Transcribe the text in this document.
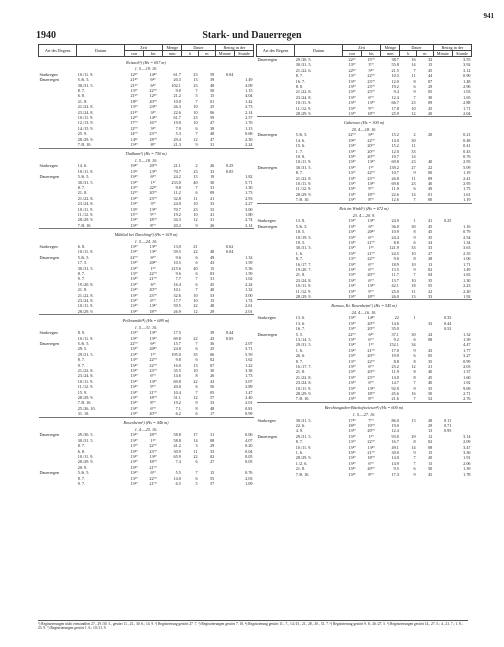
941
1940	Stark- und Dauerregen
Art des Regens	Datum	Zeit		Menge	Dauer		Betrag in der	
		von	bis	mm	h	m	Minute	Stunde

Reisach¹) (Hs = 657 m)								
1. 5.—19. 10.								
Starkregen	10./11. 9.	12³⁰	14⁴⁰	61.7	23	59	0.04	
Dauerregen	5./6. 5.	21⁴⁰	6⁴⁰	20.3	13	39		1.49
	30./31. 5.	21³⁰	6⁴⁰	102.1	23	48		4.09
	8. 7.	13¹⁰	22⁰⁰	9.0	7	50		1.15
	6. 8.	21³⁰	12³⁰	21.2	5	15		4.04
	21. 8.	18³⁰	20⁰⁰	10.0	7	01		1.42
	21./22. 8.	13¹⁰	23⁴⁰	26.3	10	25		2.73
	23./24. 8.	21⁴⁰	3⁴⁰	22.6	10	06		2.14
	10./11. 9.	12³⁰	14⁴⁰	61.7	23	59		2.57
	12./13. 9.	17⁰⁰	16⁰⁰	19.0	10	47		1.76
	14./15. 9.	12⁰⁰	3⁴⁰	7.9	6	39		1.13
	25. 9.	14⁰⁰	23⁰⁰	5.3	7	48		0.68
	28./29. 9.	14¹²	18⁰⁰	29.4	12	47		2.30
	7./8. 10.	13⁴⁰	8³⁰	21.3	9	31		2.24

Thalham²) (Hs = 750 m)								
1. 5.—18. 10.								
Starkregen	14. 6.	19⁴⁰	20⁰⁵	21.1	2	26	0.25	
	10./11. 9.	13¹²	13⁴⁰	70.7	23	33	0.05	
Dauerregen	5./6. 5.	13⁴⁰	6⁵⁰	24.2	13	19		1.82
	30./31. 5.	13⁴⁰	1³⁷	233.0	40	30		5.71
	8. 7.	13¹⁰	22²⁰	9.8	7	31		1.30
	21. 8.	12⁵⁰	20⁰⁰	11.2	6	09		1.73
	21./22. 8.	13⁴⁰	23⁰⁰	32.8	11	21		2.93
	23./24. 8.	13⁴⁰	3⁵⁰	24.0	10	33		2.27
	10./11. 9.	13¹²	13⁴⁰	70.7	23	33		3.00
	11./12. 9.	13⁰⁰	9⁰⁰	19.2	10	41		1.80
	28./29. 9.	13⁴⁰	18⁰⁰	34.3	12	31		2.74
	7./8. 10.	13⁴⁰	8⁰⁰	20.2	9	26		2.14

Mühltal bei Darching³) (Hs = 619 m)								
1. 5.—24. 10.								
Starkregen	6. 8.	13⁴⁰	13⁴⁰	13.0	21		0.62	
	10./11. 9.	13⁴⁰	13⁴⁷	59.5	22	48	0.04	
Dauerregen	5./6. 5.	22⁰⁰	6⁵⁰	9.6	6	49		1.32
	17. 5.	13⁴⁰	20⁴⁰	10.5	6	43		1.59
	30./31. 5.	13⁴⁰	1³⁰	215.6	40	15		5.36
	8. 7.	13¹⁰	22⁰⁰	9.6	6	03		1.59
	9. 7.	13⁴⁰	21⁰⁰	7.7	7	31		1.02
	19./20. 8.	13⁴⁰	6¹⁰	16.4	6	45		2.24
	21. 8.	13⁴⁰	20⁰⁰	10.1	7	40		1.32
	21./22. 8.	13⁴⁰	23⁰⁰	32.6	10	53		3.00
	23./24. 8.	13⁴⁰	6⁰⁰	17.7	10	15		1.74
	10./11. 9.	13⁴⁰	13⁴⁷	59.5	22	48		2.61
	28./29. 9.	13⁴⁰	18⁰⁰	26.9	12	29		2.01

Pelletsmühl⁴) (Hs = 689 m)								
1. 5.—31. 10.								
Starkregen	8. 9.	13⁴⁰	13⁴⁰	17.5		39	0.44	
	10./11. 9.	13⁴⁰	13⁴⁰	69.8	22	43	0.05	
Dauerregen	5./6. 5.	22⁰⁰	6⁴⁰	15.7	7	36		2.07
	29. 5.	13⁴⁰	20⁴⁰	24.8	6	25		3.71
	29./31. 5.	13⁴⁰	1³⁰	195.0	35	06		5.59
	8. 7.	13¹⁰	22⁰⁰	9.8	6	02		1.62
	9. 7.	13⁴⁰	22⁰⁰	16.0	13	07		1.22
	21./22. 8.	13⁴⁰	23⁰⁰	35.5	10	30		3.38
	23./24. 8.	13⁴⁰	6⁰⁰	14.6	8	26		1.73
	10./11. 9.	13⁴⁰	13⁴⁰	69.8	22	43		3.07
	11./12. 9.	13⁴⁰	9⁰⁰	20.0	6	56		2.89
	15. 9.	13⁴⁰	21⁰⁰	10.4	7	05		1.47
	28./29. 9.	13⁴⁰	18⁰⁰	31.1	12	57		2.40
	7./8. 10.	13⁴⁰	8⁰⁰	19.2	9	33		2.01
	25./26. 10.	13⁴⁰	6⁰⁰	7.1	8	48		0.81
	31. 10.	13⁴⁰	20⁰⁰	6.2	6	17		0.99

Rosenheim⁵) (Hs = 446 m)								
1. 4.—25. 10.								
Dauerregen	29./30. 5.	13⁴⁰	18⁰⁰	58.8	17	31		0.06
	30./31. 5.	13⁴⁰	1³⁰	58.8	14	08		4.07
	8. 7.	13¹⁰	22⁰⁰	41.2	3	29		0.20
	6. 8.	13⁴⁰	23⁰⁰	30.9	11	33		0.04
	10./11. 9.	13⁴⁰	13⁴⁰	65.9	22	02		0.05
	28./29. 9.	13⁴⁰	18⁰⁰	7.4	6	27		0.05
	20. 9.	13⁴⁰	21⁰⁰					
Dauerregen	5./6. 5.	13⁴⁰	6⁵⁰	5.5	7	15		0.76
	8. 7.	13¹⁰	22⁰⁰	14.0	6	55		2.03
	9. 7.	13⁴⁰	21⁰⁰	6.5	5	57		1.09
Art des Regens	Datum	Zeit		Menge	Dauer		Betrag in der	
		von	bis	mm	h	m	Minute	Stunde
Dauerregen	29./30. 5.	22¹⁰	15⁰⁰	38.7	16	32		3.55
	30./31. 5.	13³⁰	3⁰⁰	55.8	14	15		3.92
	21./22. 6.	22³⁰	5⁴⁰	21.5	7	45		3.12
	8. 7.	13¹⁰	22⁰⁰	10.5	11	44		0.90
	16. 7.	13⁴⁰	23⁰⁰	12.0	8	07		1.48
	8. 8.	13⁴⁰	23⁰⁰	19.2	6	29		2.96
	21./22. 8.	13⁴⁰	23⁰⁰	9.4	9	05		1.03
	23./24. 8.	13⁴⁰	6⁰⁰	12.4	7	30		1.65
	10./11. 9.	13⁴⁰	13⁴⁰	66.7	23	09		2.88
	11./12. 9.	13⁴⁰	9⁰⁰	17.8	10	25		1.71
	28./29. 9.	13⁴⁰	18⁰⁰	25.9	12	20		2.04

Gaberaee (Hs = 300 m)								
20. 4.—18. 10.								
Dauerregen	5./6. 5.	22⁰⁰	6⁴⁰	15.2	2	20		0.21
	14. 6.	19⁴⁰	22⁰⁰	14.0	30			0.48
	15. 6.	13⁴⁰	20⁰⁰	15.2	11			0.41
	1. 7.	13⁴⁰	20⁰⁰	12.0	33			0.43
	10. 8.	13⁴⁰	20⁰⁰	10.7	14			0.76
	10./11. 9.	13⁴⁰	13⁴⁰	69.8	23	40		2.95
Dauerregen	30./31. 5.	13⁴⁰	1³⁰	139.2	27	22		5.09
	8. 7.	13¹⁰	22⁰⁰	10.7	9	00		1.19
	21./22. 8.	13⁴⁰	23⁰⁰	26.8	11	09		2.41
	10./11. 9.	13⁴⁰	13⁴⁰	69.8	23	40		2.95
	11./12. 9.	13⁴⁰	9⁰⁰	11.9	6	49		1.75
	28./29. 9.	13⁴⁰	18⁰⁰	22.6	14	01		1.61
	7./8. 10.	13⁴⁰	8⁰⁰	12.6	7	00		1.19

Reit im Winkl⁶) (Hs = 672 m)								
23. 4.—20. 9.								
Starkregen	13. 8.	13⁴⁰	13⁴⁰	24.9	1	41	0.25	
Dauerregen	5./6. 5.	13⁴⁰	6⁵⁰	36.0	30	45		1.16
	18. 5.	13⁴⁰	20⁴⁰	10.9	8	45		0.79
	18./19. 5.	13⁴⁰	6⁰⁰	24.4	9	35		2.54
	19. 5.	13⁴⁰	21⁰⁰	8.8	6	34		1.34
	30./31. 5.	13⁴⁰	1³⁰	121.9	33	33		3.63
	1. 6.	13⁴⁰	21⁰⁰	24.5	10	27		2.35
	8. 7.	13¹⁰	22⁰⁰	9.0	8	28		1.06
	16./17. 7.	13⁴⁰	6⁰⁰	18.9	10	13		1.71
	19./20. 7.	13⁴⁰	6⁰⁰	13.5	9	02		1.49
	21. 8.	13⁴⁰	20⁰⁰	11.7	7	04		1.65
	23./24. 8.	13⁴⁰	6⁰⁰	13.7	10	35		1.30
	10./11. 9.	13⁴⁰	13⁴⁰	42.1	18	55		2.23
	11./12. 9.	13⁴⁰	9⁰⁰	25.0	11	22		2.20
	28./29. 9.	13⁴⁰	18⁰⁰	26.0	13	33		1.92

Bernau, Kr. Rosenheim⁷) (Hs = 545 m)								
24. 4.—16. 10.								
Starkregen	13. 6.	13⁴⁰	14⁴⁰	22	1		0.35	
	13. 6.	13⁴⁰	20⁰⁰	14.6		33	0.44	
	16. 7.	13⁴⁰	20⁰⁰	35.0			0.52	
Dauerregen	5. 5.	22⁰⁰	6⁴⁰	37.1	30	24		1.32
	13./14. 5.	13⁴⁰	6⁰⁰	9.2	6	08		1.39
	29./31. 5.	13⁴⁰	1³⁰	152.1	34			4.47
	1. 6.	13⁴⁰	21⁰⁰	17.0	9	43		1.77
	26. 6.	13⁴⁰	20⁰⁰	19.9	6	05		3.27
	8. 7.	13¹⁰	22⁰⁰	8.8	8	35		0.99
	16./17. 7.	13⁴⁰	6⁰⁰	25.2	12	21		2.03
	21. 8.	13⁴⁰	20⁰⁰	11.9	8	40		1.37
	21./22. 8.	13⁴⁰	23⁰⁰	14.0	8	45		1.60
	23./24. 8.	13⁴⁰	6⁰⁰	14.7	7	40		1.92
	10./11. 9.	13⁴⁰	13⁴⁰	92.9	9	35		9.69
	28./29. 9.	13⁴⁰	18⁰⁰	45.6	16	50		2.71
	7./8. 10.	13⁴⁰	8⁰⁰	21.6	7	52		2.76

Berchtesgaden-Bischofswiesen⁸) (Hs = 600 m)								
1. 5.—27. 10.								
Starkregen	30./31. 5.	17⁴⁰	7⁰⁰	86.0	13	28	0.11	
	22. 6.	18⁴⁰	19⁰⁰	19.0		29	0.71	
	4. 9.	13⁴⁰	20⁰⁰	12.4		13	0.95	
Dauerregen	29./31. 5.	13⁴⁰	1³⁰	93.0	29	12		3.14
	8. 7.	13¹⁰	22⁰⁰	16.7	8	02		2.09
	10./11. 9.	13⁴⁰	13⁴⁰	49.1	14	08		3.47
	1. 6.	13⁴⁰	21⁰⁰	30.0	9	15		3.36
	28./29. 9.	13⁴⁰	18⁰⁰	14.0	7	20		1.91
	1./2. 6.	13⁴⁰	6⁰⁰	14.9	7	13		2.06
	21. 8.	13⁴⁰	20⁰⁰	9.5	6	50		1.39
	7./8. 10.	13⁴⁰	8⁰⁰	17.3	9	45		1.78
¹) Registrierungen nicht einwandfrei 27., 29./30. 5., gestört 11., 25., 30. 6.; 14. 9. ²) Registrierung gestört 27. 7. ³) Registrierungen gestört 7. 10. ⁴) Registrierung gestört 11., 7., 14./15., 21., 28., 30., 31. 7. ⁵) Registrierung gestört 9. 8.; 26./27. 5. ⁶) Registrierungen gestört 14., 27. 5.; 4., 21. 7.; 1. 8.; 23. 9. ⁷) Registrierungen gestört 1. 6.; 10./11. 9.
